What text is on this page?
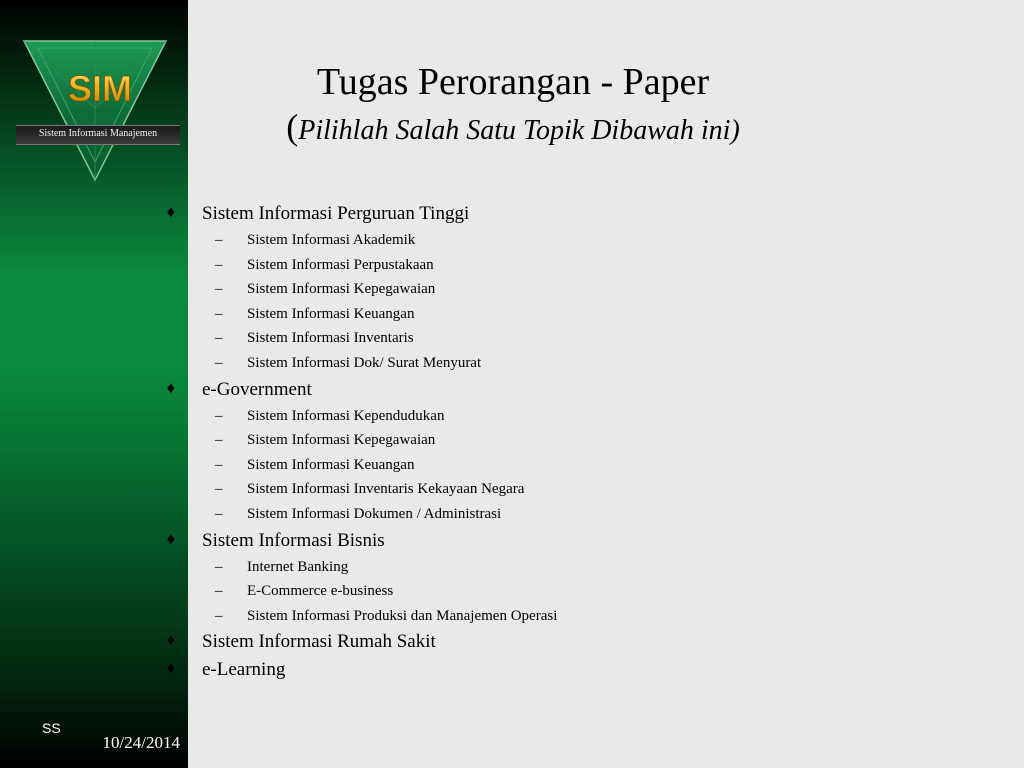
SIM
Sistem Informasi Manajemen
SS
10/24/2014
Tugas Perorangan - Paper
(Pilihlah Salah Satu Topik Dibawah ini)
♦ Sistem Informasi Perguruan Tinggi
– Sistem Informasi Akademik
– Sistem Informasi Perpustakaan
– Sistem Informasi Kepegawaian
– Sistem Informasi Keuangan
– Sistem Informasi Inventaris
– Sistem Informasi Dok/ Surat Menyurat
♦ e-Government
– Sistem Informasi Kependudukan
– Sistem Informasi Kepegawaian
– Sistem Informasi Keuangan
– Sistem Informasi Inventaris Kekayaan Negara
– Sistem Informasi Dokumen / Administrasi
♦ Sistem Informasi Bisnis
– Internet Banking
– E-Commerce e-business
– Sistem Informasi Produksi dan Manajemen Operasi
♦ Sistem Informasi Rumah Sakit
♦ e-Learning
